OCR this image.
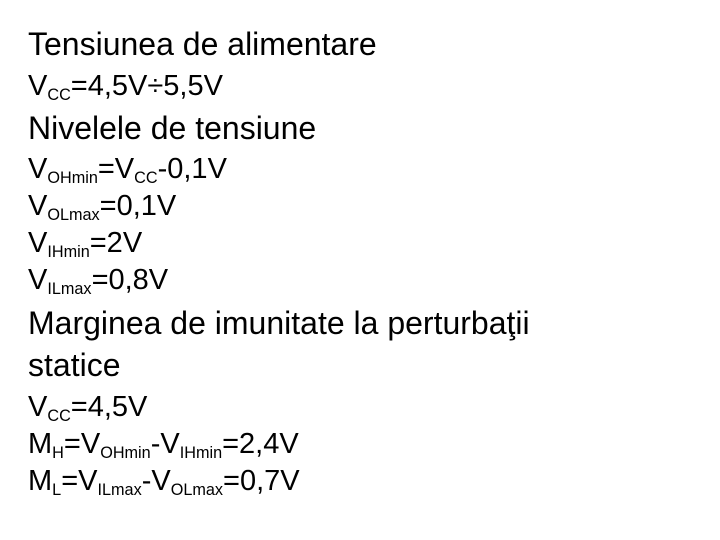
Tensiunea de alimentare
$V_{CC}=4,5V\div 5,5V$
Nivelele de tensiune
$V_{OHmin}=V_{CC}-0,1V$
$V_{OLmax}=0,1V$
$V_{IHmin}=2V$
$V_{ILmax}=0,8V$
Marginea de imunitate la perturbaţii
statice
$V_{CC}=4,5V$
$M_H=V_{OHmin}-V_{IHmin}=2,4V$
$M_L=V_{ILmax}-V_{OLmax}=0,7V$
